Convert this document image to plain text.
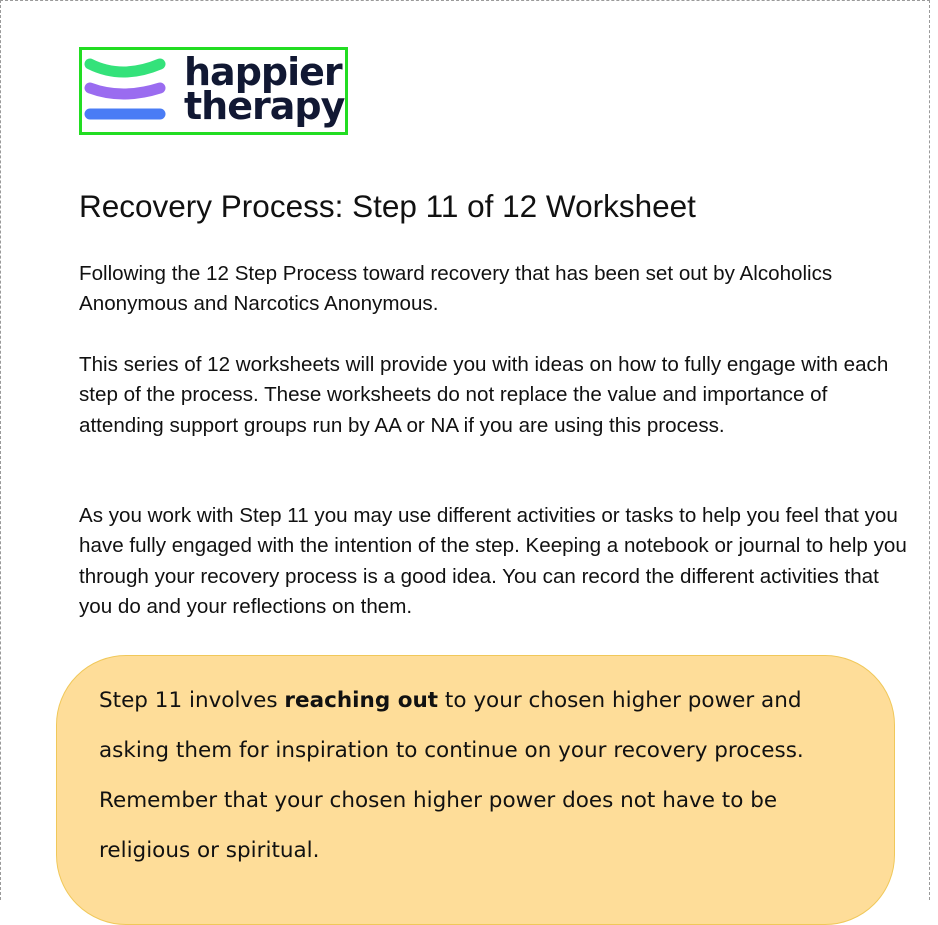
happier
therapy
Recovery Process: Step 11 of 12 Worksheet

Following the 12 Step Process toward recovery that has been set out by Alcoholics Anonymous and Narcotics Anonymous.

This series of 12 worksheets will provide you with ideas on how to fully engage with each step of the process. These worksheets do not replace the value and importance of attending support groups run by AA or NA if you are using this process.

As you work with Step 11 you may use different activities or tasks to help you feel that you have fully engaged with the intention of the step. Keeping a notebook or journal to help you through your recovery process is a good idea. You can record the different activities that you do and your reflections on them.

Step 11 involves reaching out to your chosen higher power and asking them for inspiration to continue on your recovery process. Remember that your chosen higher power does not have to be religious or spiritual.
